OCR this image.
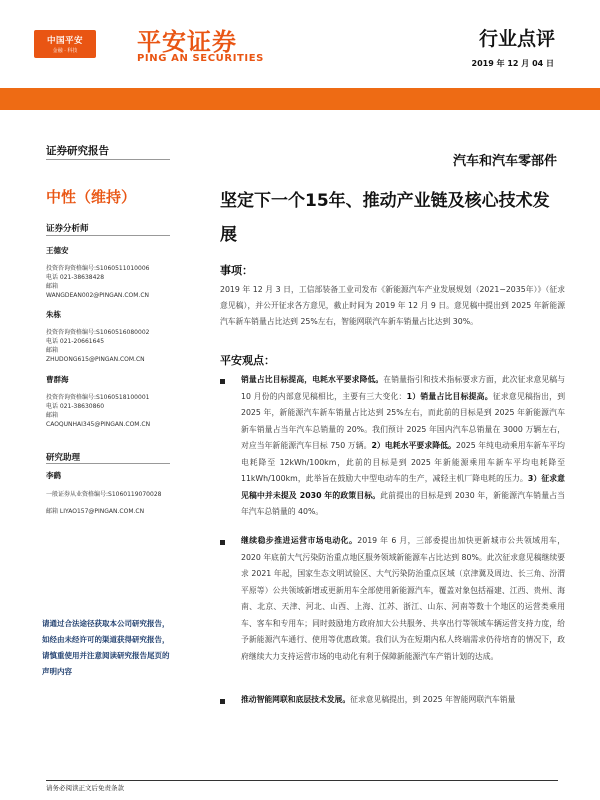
中国平安
金融 · 科技 平安证券
PING AN SECURITIES
行业点评
2019 年 12 月 04 日
证券研究报告
汽车和汽车零部件
中性（维持）
证券分析师
王德安
投资咨询资格编号:S1060511010006
电话 021-38638428
邮箱
WANGDEAN002@PINGAN.COM.CN
朱栋
投资咨询资格编号:S1060516080002
电话 021-20661645
邮箱
ZHUDONG615@PINGAN.COM.CN
曹群海
投资咨询资格编号:S1060518100001
电话 021-38630860
邮箱
CAOQUNHAI345@PINGAN.COM.CN
研究助理
李鹞
一般证券从业资格编号:S1060119070028
邮箱 LIYAO157@PINGAN.COM.CN
请通过合法途径获取本公司研究报告，如经由未经许可的渠道获得研究报告，请慎重使用并注意阅读研究报告尾页的声明内容
坚定下一个15年、推动产业链及核心技术发展
事项：
2019 年 12 月 3 日，工信部装备工业司发布《新能源汽车产业发展规划（2021−2035年）》（征求意见稿），并公开征求各方意见，截止时间为 2019 年 12 月 9 日。意见稿中提出到 2025 年新能源汽车新车销量占比达到 25%左右，智能网联汽车新车销量占比达到 30%。
平安观点：
销量占比目标提高，电耗水平要求降低。在销量指引和技术指标要求方面，此次征求意见稿与 10 月份的内部意见稿相比，主要有三大变化：1）销量占比目标提高。征求意见稿指出，到 2025 年，新能源汽车新车销量占比达到 25%左右，而此前的目标是到 2025 年新能源汽车新车销量占当年汽车总销量的 20%。我们预计 2025 年国内汽车总销量在 3000 万辆左右，对应当年新能源汽车目标 750 万辆。2）电耗水平要求降低。2025 年纯电动乘用车新车平均电耗降至 12kWh/100km，此前的目标是到 2025 年新能源乘用车新车平均电耗降至 11kWh/100km，此举旨在鼓励大中型电动车的生产，减轻主机厂降电耗的压力。3）征求意见稿中并未提及 2030 年的政策目标。此前提出的目标是到 2030 年，新能源汽车销量占当年汽车总销量的 40%。
继续稳步推进运营市场电动化。2019 年 6 月，三部委提出加快更新城市公共领域用车，2020 年底前大气污染防治重点地区服务领域新能源车占比达到 80%。此次征求意见稿继续要求 2021 年起，国家生态文明试验区、大气污染防治重点区域（京津冀及周边、长三角、汾渭平原等）公共领域新增或更新用车全部使用新能源汽车，覆盖对象包括福建、江西、贵州、海南、北京、天津、河北、山西、上海、江苏、浙江、山东、河南等数十个地区的运营类乘用车、客车和专用车；同时鼓励地方政府加大公共服务、共享出行等领域车辆运营支持力度，给予新能源汽车通行、使用等优惠政策。我们认为在短期内私人终端需求仍待培育的情况下，政府继续大力支持运营市场的电动化有利于保障新能源汽车产销计划的达成。
推动智能网联和底层技术发展。征求意见稿提出，到 2025 年智能网联汽车销量
请务必阅读正文后免责条款
